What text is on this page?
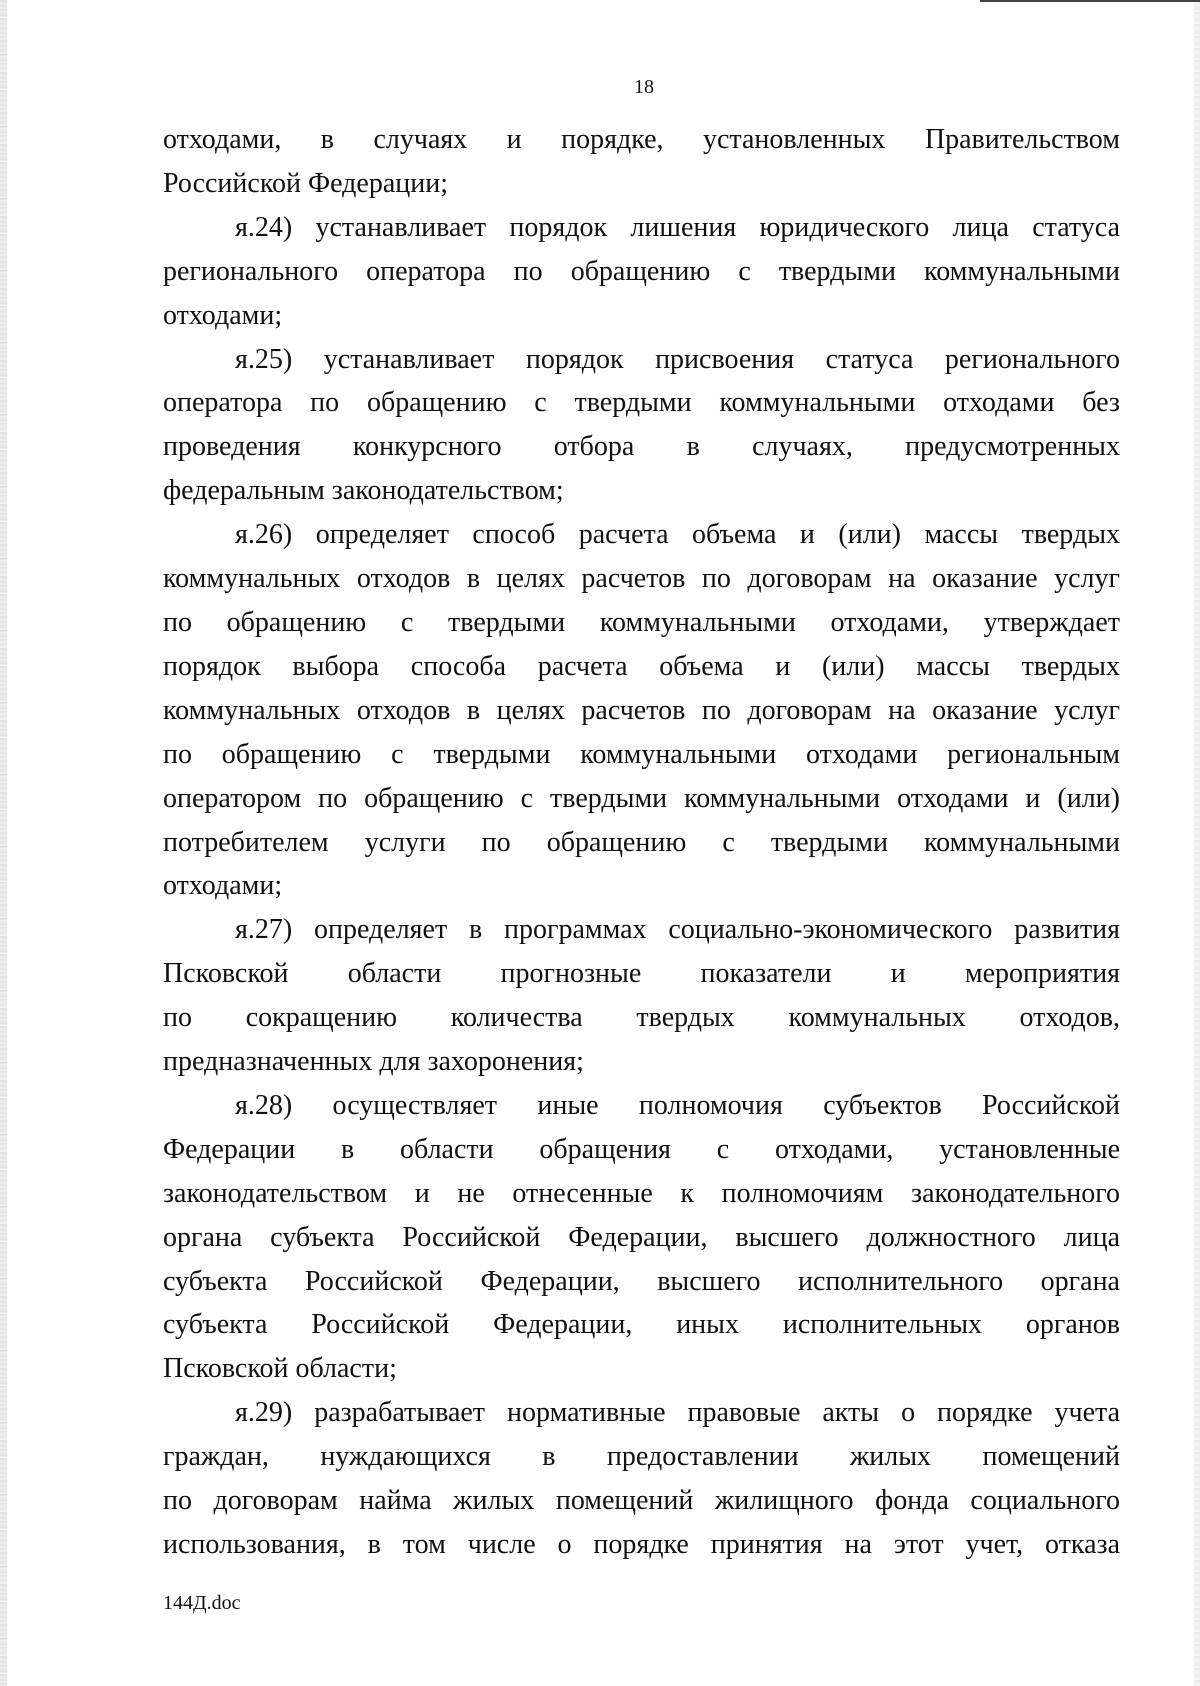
18

отходами, в случаях и порядке, установленных Правительством
Российской Федерации;

я.24) устанавливает порядок лишения юридического лица статуса
регионального оператора по обращению с твердыми коммунальными
отходами;

я.25) устанавливает порядок присвоения статуса регионального
оператора по обращению с твердыми коммунальными отходами без
проведения конкурсного отбора в случаях, предусмотренных
федеральным законодательством;

я.26) определяет способ расчета объема и (или) массы твердых
коммунальных отходов в целях расчетов по договорам на оказание услуг
по обращению с твердыми коммунальными отходами, утверждает
порядок выбора способа расчета объема и (или) массы твердых
коммунальных отходов в целях расчетов по договорам на оказание услуг
по обращению с твердыми коммунальными отходами региональным
оператором по обращению с твердыми коммунальными отходами и (или)
потребителем услуги по обращению с твердыми коммунальными
отходами;

я.27) определяет в программах социально-экономического развития
Псковской области прогнозные показатели и мероприятия
по сокращению количества твердых коммунальных отходов,
предназначенных для захоронения;

я.28) осуществляет иные полномочия субъектов Российской
Федерации в области обращения с отходами, установленные
законодательством и не отнесенные к полномочиям законодательного
органа субъекта Российской Федерации, высшего должностного лица
субъекта Российской Федерации, высшего исполнительного органа
субъекта Российской Федерации, иных исполнительных органов
Псковской области;

я.29) разрабатывает нормативные правовые акты о порядке учета
граждан, нуждающихся в предоставлении жилых помещений
по договорам найма жилых помещений жилищного фонда социального
использования, в том числе о порядке принятия на этот учет, отказа

144Д.doc
